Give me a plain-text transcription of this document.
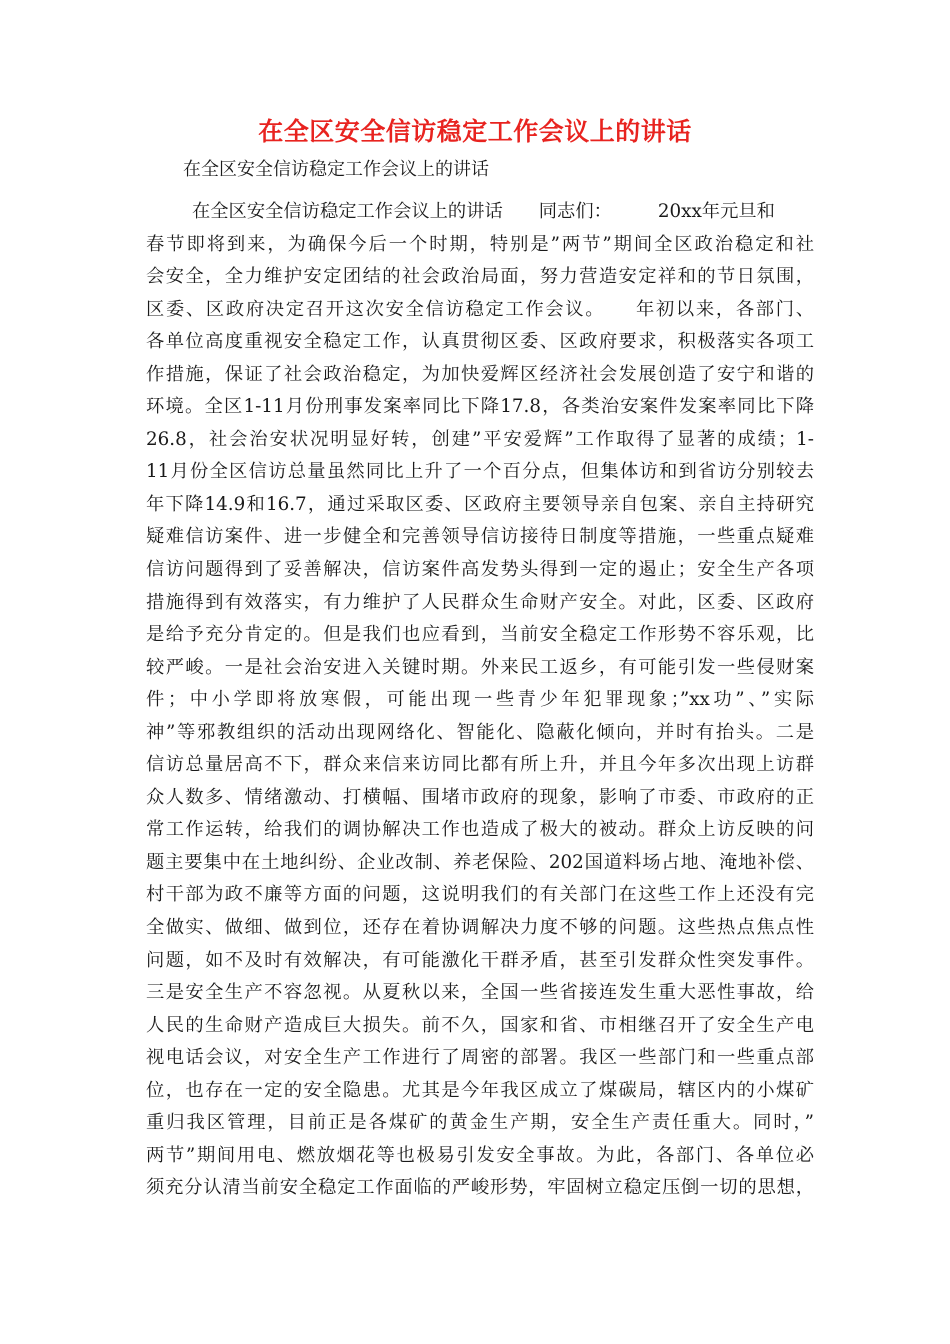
在全区安全信访稳定工作会议上的讲话
在全区安全信访稳定工作会议上的讲话
在全区安全信访稳定工作会议上的讲话 同志们：	20xx年元旦和
春节即将到来，为确保今后一个时期，特别是”两节”期间全区政治稳定和社
会安全，全力维护安定团结的社会政治局面，努力营造安定祥和的节日氛围，
区委、区政府决定召开这次安全信访稳定工作会议。　　年初以来，各部门、
各单位高度重视安全稳定工作，认真贯彻区委、区政府要求，积极落实各项工
作措施，保证了社会政治稳定，为加快爱辉区经济社会发展创造了安宁和谐的
环境。全区1-11月份刑事发案率同比下降17.8，各类治安案件发案率同比下降
26.8，社会治安状况明显好转，创建”平安爱辉”工作取得了显著的成绩；1-
11月份全区信访总量虽然同比上升了一个百分点，但集体访和到省访分别较去
年下降14.9和16.7，通过采取区委、区政府主要领导亲自包案、亲自主持研究
疑难信访案件、进一步健全和完善领导信访接待日制度等措施，一些重点疑难
信访问题得到了妥善解决，信访案件高发势头得到一定的遏止；安全生产各项
措施得到有效落实，有力维护了人民群众生命财产安全。对此，区委、区政府
是给予充分肯定的。但是我们也应看到，当前安全稳定工作形势不容乐观，比
较严峻。一是社会治安进入关键时期。外来民工返乡，有可能引发一些侵财案
件；中小学即将放寒假，可能出现一些青少年犯罪现象；”xx功”、”实际
神”等邪教组织的活动出现网络化、智能化、隐蔽化倾向，并时有抬头。二是
信访总量居高不下，群众来信来访同比都有所上升，并且今年多次出现上访群
众人数多、情绪激动、打横幅、围堵市政府的现象，影响了市委、市政府的正
常工作运转，给我们的调协解决工作也造成了极大的被动。群众上访反映的问
题主要集中在土地纠纷、企业改制、养老保险、202国道料场占地、淹地补偿、
村干部为政不廉等方面的问题，这说明我们的有关部门在这些工作上还没有完
全做实、做细、做到位，还存在着协调解决力度不够的问题。这些热点焦点性
问题，如不及时有效解决，有可能激化干群矛盾，甚至引发群众性突发事件。
三是安全生产不容忽视。从夏秋以来，全国一些省接连发生重大恶性事故，给
人民的生命财产造成巨大损失。前不久，国家和省、市相继召开了安全生产电
视电话会议，对安全生产工作进行了周密的部署。我区一些部门和一些重点部
位，也存在一定的安全隐患。尤其是今年我区成立了煤碳局，辖区内的小煤矿
重归我区管理，目前正是各煤矿的黄金生产期，安全生产责任重大。同时，”
两节”期间用电、燃放烟花等也极易引发安全事故。为此，各部门、各单位必
须充分认清当前安全稳定工作面临的严峻形势，牢固树立稳定压倒一切的思想，
